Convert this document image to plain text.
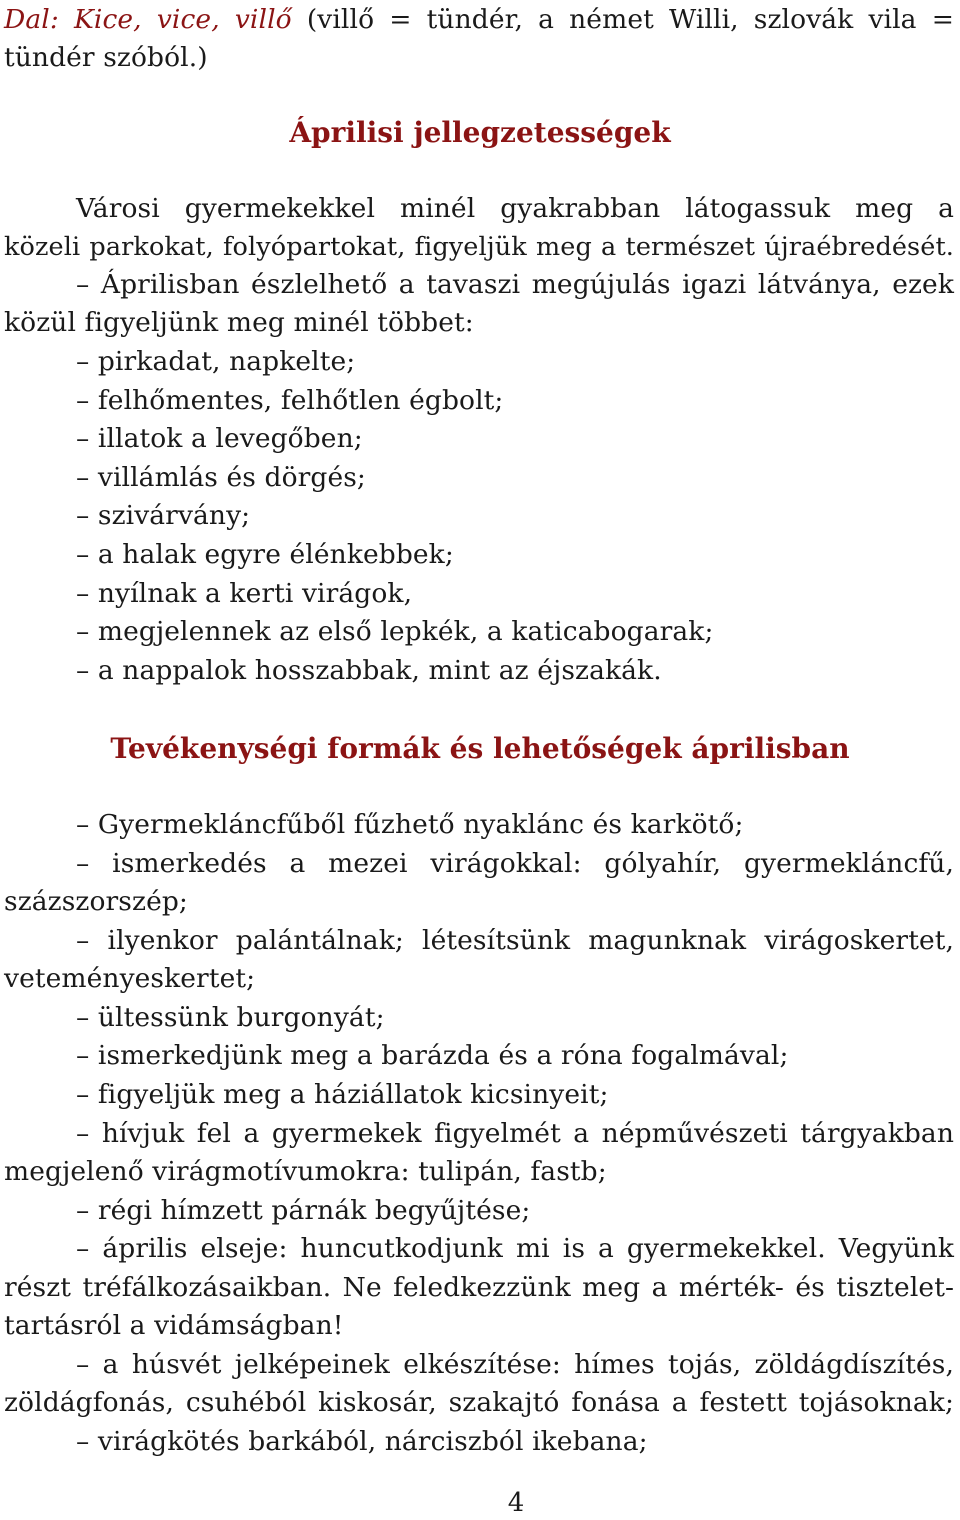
Dal: Kice, vice, villő (villő = tündér, a német Willi, szlovák vila =
tündér szóból.)
Áprilisi jellegzetességek
Városi gyermekekkel minél gyakrabban látogassuk meg a
közeli parkokat, folyópartokat, figyeljük meg a természet újraébredését.
– Áprilisban észlelhető a tavaszi megújulás igazi látványa, ezek
közül figyeljünk meg minél többet:
– pirkadat, napkelte;
– felhőmentes, felhőtlen égbolt;
– illatok a levegőben;
– villámlás és dörgés;
– szivárvány;
– a halak egyre élénkebbek;
– nyílnak a kerti virágok,
– megjelennek az első lepkék, a katicabogarak;
– a nappalok hosszabbak, mint az éjszakák.
Tevékenységi formák és lehetőségek áprilisban
– Gyermekláncfűből fűzhető nyaklánc és karkötő;
– ismerkedés a mezei virágokkal: gólyahír, gyermekláncfű,
százszorszép;
– ilyenkor palántálnak; létesítsünk magunknak virágoskertet,
veteményeskertet;
– ültessünk burgonyát;
– ismerkedjünk meg a barázda és a róna fogalmával;
– figyeljük meg a háziállatok kicsinyeit;
– hívjuk fel a gyermekek figyelmét a népművészeti tárgyakban
megjelenő virágmotívumokra: tulipán, fastb;
– régi hímzett párnák begyűjtése;
– április elseje: huncutkodjunk mi is a gyermekekkel. Vegyünk
részt tréfálkozásaikban. Ne feledkezzünk meg a mérték- és tisztelet-
tartásról a vidámságban!
– a húsvét jelképeinek elkészítése: hímes tojás, zöldágdíszítés,
zöldágfonás, csuhéból kiskosár, szakajtó fonása a festett tojásoknak;
– virágkötés barkából, nárciszból ikebana;
4
